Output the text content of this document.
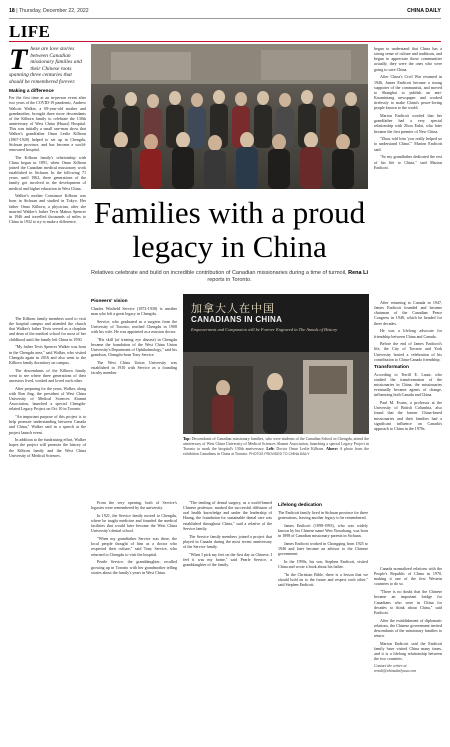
18 | Thursday, December 22, 2022	CHINA DAILY
LIFE
These are love stories between Canadian missionary families and their Chinese roots spanning three centuries that should be remembered forever.
Making a difference

For the first time at an in-person event after two years of the COVID-19 pandemic, Andrew Walcott Walker, a 69-year-old mother and grandmother, brought three more descendants of the Kilborn family to celebrate the 130th anniversary of West China (Huaxi) Hospital. This was initially a small one-man show that Walker's grandfather Omar Leslie Kilborn (1867-1920) helped to set up in Chengdu, Sichuan province, and has become a world-renowned hospital.

The Kilborn family's relationship with China began in 1891, when Omar Kilborn joined the Canadian medical missionary work established in Sichuan. In the following 71 years, until 1962, three generations of the family got involved in the development of medical and higher education in West China.

Walker's mother Constance Kilborn was born in Sichuan and studied in Tokyo. Her father Omar Kilborn, a physician, after she married Walker's father Tevis Mahon Spencer in 1946 and travelled thousands of miles to China in 1932 to try to make a difference. Families with a proud legacy in China
Relatives celebrate and build on incredible contribution of Canadian missionaries during a time of turmoil, Rena Li reports in Toronto.

The Kilborn family members used to visit the hospital campus and attended the church that Walker's father Tevis served as a chaplain and dean of the medical school for most of her childhood until the family left China in 1950.

"My father Tevis Spencer Walker was born in the Chengdu area," said Walker, who visited Chengdu again in 2016 and also went to the Kilborn family dormitory on campus.

The descendants of the Kilborn family went to see where three generations of their ancestors lived, worked and loved each other.

After preparing for the years, Walker, along with Ran Jing, the president of West China University of Medical Sciences Alumni Association, launched a special Chengdu-related Legacy Project on Oct 10 in Toronto.

"An important purpose of this project is to help promote understanding between Canada and China," Walker said in a speech at the project launch event.

In addition to the fundraising effort, Walker hopes the project will promote the history of the Kilborn family and the West China University of Medical Sciences.

Pioneers' vision

Charles Winfield Service (1872-1930) is another man who left a great legacy in Chengdu.

Service, who graduated as a surgeon from the University of Toronto, reached Chengdu in 1908 with his wife. He was appointed as a mission doctor.

"His skill (of treating eye disease) in Chengdu became the foundation of the West China Union University's Department of Ophthalmology," said his grandson, Chengdu-born Tony Service.

The West China Union University was established in 1910 with Service as a founding faculty member.

加拿大人在中国
CANADIANS IN CHINA
Empowerment and Compassion will be Forever Engraved in The Annals of History
Top: Descendants of Canadian missionary families, who were students of the Canadian School in Chengdu, attend the anniversary of West China University of Medical Sciences Alumni Association, launching a special Legacy Project in Toronto to mark the hospital's 130th anniversary. Left: Doctor Omar Leslie Kilborn. Above: A photo from the exhibition Canadians in China at Toronto. PHOTOS PROVIDED TO CHINA DAILY

From the very opening, both of Service's legacies were remembered by the university.

In 1921, the Service family moved to Chengdu, where he taught medicine and founded the medical facilities that would later become the West China University's dental school.

"When my grandfather Service was there, the local people thought of him as a doctor who respected their culture," said Tony Service, who returned to Chengdu to visit the hospital.

Pearle Service, the granddaughter, recalled growing up in Toronto with her grandmother telling stories about the family's years in West China.

"The tending of dental surgery, as a world-famed Chinese professor, marked the successful diffusion of oral health knowledge and under the leadership of Huang, the foundation for sustainable dental care was established throughout China," said a relative of the Service family.

The Service family members joined a project that played in Canada during the most recent anniversary of the Service family.

"When I pick my feet on the first day as Chinese, I feel it was my home," said Pearle Service, a granddaughter of the family.

Lifelong dedication

The Endicott family lived in Sichuan province for three generations, leaving another legacy to be remembered.

James Endicott (1898-1993), who was widely known by his Chinese name Wen Yiouzhang, was born in 1898 of Canadian missionary parents in Sichuan.

James Endicott worked in Chongqing from 1925 to 1946 and later became an advisor to the Chinese government.

In the 1990s, his son, Stephen Endicott, visited China and wrote a book about his father.

"In the Christian Bible, there is a lesson that we should hold on to the future and respect each other," said Stephen Endicott.

began to understand that China has a strong sense of culture and traditions, and began to appreciate those communities actually, they were the ones who were going to save China.

After China's Civil War resumed in 1946, James Endicott became a strong supporter of the communists, and moved to Shanghai to publish an anti-Kuomintang newspaper and worked tirelessly to make China's peace-loving people known to the world.

Marion Endicott worded that her grandfather had a very special relationship with Zhou Enlai, who later became the first premier of New China.

"Zhou told him 'you really helped us to understand China'," Marion Endicott said.

"So my grandfather dedicated the rest of his life to China," said Marion Endicott.

After returning to Canada in 1947, James Endicott founded and became chairman of the Canadian Peace Congress in 1948, which he headed for three decades.

He was a lifelong advocate for friendship between China and Canada.

Before the end of James Endicott's life, the City of Toronto and York University hosted a celebration of his contribution to China-Canada friendship.

Transformation

According to Terrill E. Lautz, who studied the transformation of the missionaries in China, the missionaries eventually became agents of change, influencing both Canada and China.

Paul M. Evans, a professor at the University of British Columbia, also found that the former China-based missionaries and their families had a significant influence on Canada's approach to China in the 1970s.

Canada normalized relations with the People's Republic of China in 1970, making it one of the first Western countries to do so.

"There is no doubt that the Chinese became an important bridge for Canadians who were in China for decades to think about China," said Endicott.

After the establishment of diplomatic relations, the Chinese government invited descendants of the missionary families to return.

Marion Endicott said the Endicott family have visited China many times, and it is a lifelong relationship between the two countries.

Contact the writer at
renali@chinadailyusa.com
